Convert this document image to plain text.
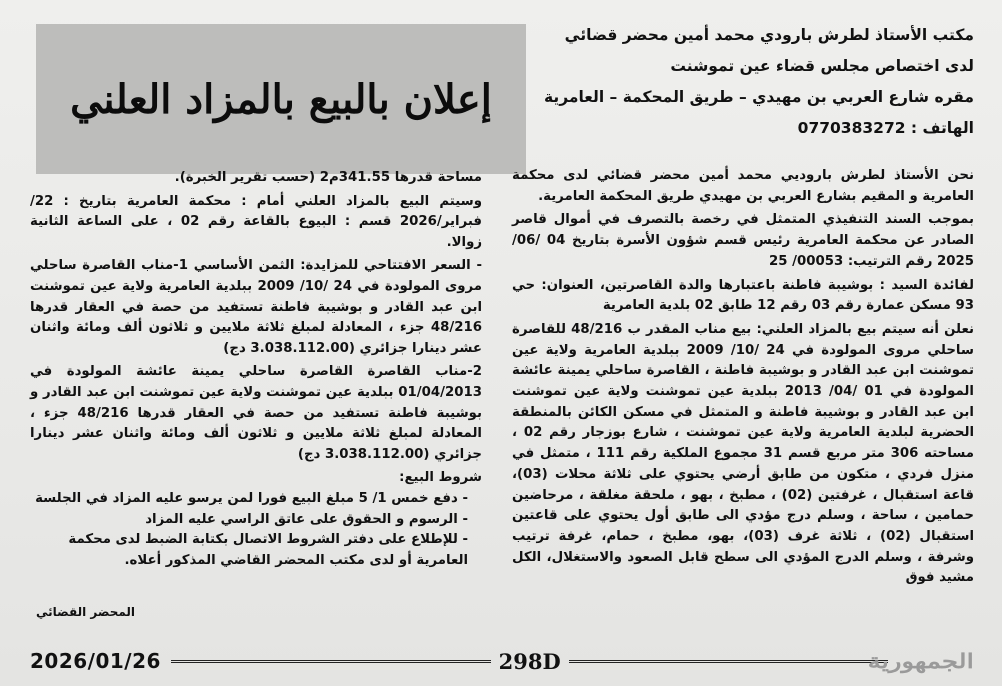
مكتب الأستاذ لطرش بارودي محمد أمين محضر قضائي
لدى اختصاص مجلس قضاء عين تموشنت
مقره شارع العربي بن مهيدي – طريق المحكمة – العامرية
الهاتف : 0770383272
إعلان بالبيع بالمزاد العلني

نحن الأستاذ لطرش باروديي محمد أمين محضر قضائي لدى محكمة العامرية و المقيم بشارع العربي بن مهيدي طريق المحكمة العامرية.

بموجب السند التنفيذي المتمثل في رخصة بالتصرف في أموال قاصر الصادر عن محكمة العامرية رئيس قسم شؤون الأسرة بتاريخ 04 /06/ 2025 رقم الترتيب: 00053/ 25

لفائدة السيد : بوشيبة فاطنة باعتبارها والدة القاصرتين، العنوان: حي 93 مسكن عمارة رقم 03 رقم 12 طابق 02 بلدية العامرية

نعلن أنه سيتم بيع بالمزاد العلني: بيع مناب المقدر ب 48/216 للقاصرة ساحلي مروى المولودة في 24 /10/ 2009 ببلدية العامرية ولاية عين تموشنت ابن عبد القادر و بوشيبة فاطنة ، القاصرة ساحلي يمينة عائشة المولودة في 01 /04/ 2013 ببلدية عين تموشنت ولاية عين تموشنت ابن عبد القادر و بوشيبة فاطنة و المتمثل في مسكن الكائن بالمنطقة الحضرية لبلدية العامرية ولاية عين تموشنت ، شارع بوزجار رقم 02 ، مساحته 306 متر مربع قسم 31 مجموع الملكية رقم 111 ، متمثل في منزل فردي ، متكون من طابق أرضي يحتوي على ثلاثة محلات (03)، قاعة استقبال ، غرفتين (02) ، مطبخ ، بهو ، ملحقة مغلقة ، مرحاضين حمامين ، ساحة ، وسلم درج مؤدي الى طابق أول يحتوي على قاعتين استقبال (02) ، ثلاثة غرف (03)، بهو، مطبخ ، حمام، غرفة ترتيب وشرفة ، وسلم الدرج المؤدي الى سطح قابل الصعود والاستغلال، الكل مشيد فوق

مساحة قدرها 341.55م2 (حسب تقرير الخبرة).

وسيتم البيع بالمزاد العلني أمام : محكمة العامرية بتاريخ : 22/فبراير/2026 قسم : البيوع بالقاعة رقم 02 ، على الساعة الثانية زوالا.

- السعر الافتتاحي للمزايدة: الثمن الأساسي 1-مناب القاصرة ساحلي مروى المولودة في 24 /10/ 2009 ببلدية العامرية ولاية عين تموشنت ابن عبد القادر و بوشيبة فاطنة تستفيد من حصة في العقار قدرها 48/216 جزء ، المعادلة لمبلغ ثلاثة ملايين و ثلاثون ألف ومائة واثنان عشر دينارا جزائري (3.038.112.00 دج)

2-مناب القاصرة القاصرة ساحلي يمينة عائشة المولودة في 01/04/2013 ببلدية عين تموشنت ولاية عين تموشنت ابن عبد القادر و بوشيبة فاطنة تستفيد من حصة في العقار قدرها 48/216 جزء ، المعادلة لمبلغ ثلاثة ملايين و ثلاثون ألف ومائة واثنان عشر دينارا جزائري (3.038.112.00 دج)

شروط البيع:
- دفع خمس 1/ 5 مبلغ البيع فورا لمن يرسو عليه المزاد في الجلسة
- الرسوم و الحقوق على عاتق الراسي عليه المزاد
- للإطلاع على دفتر الشروط الاتصال بكتابة الضبط لدى محكمة العامرية أو لدى مكتب المحضر القاضي المذكور أعلاه.
المحضر القضائي
2026/01/26	298D	الجمهورية
